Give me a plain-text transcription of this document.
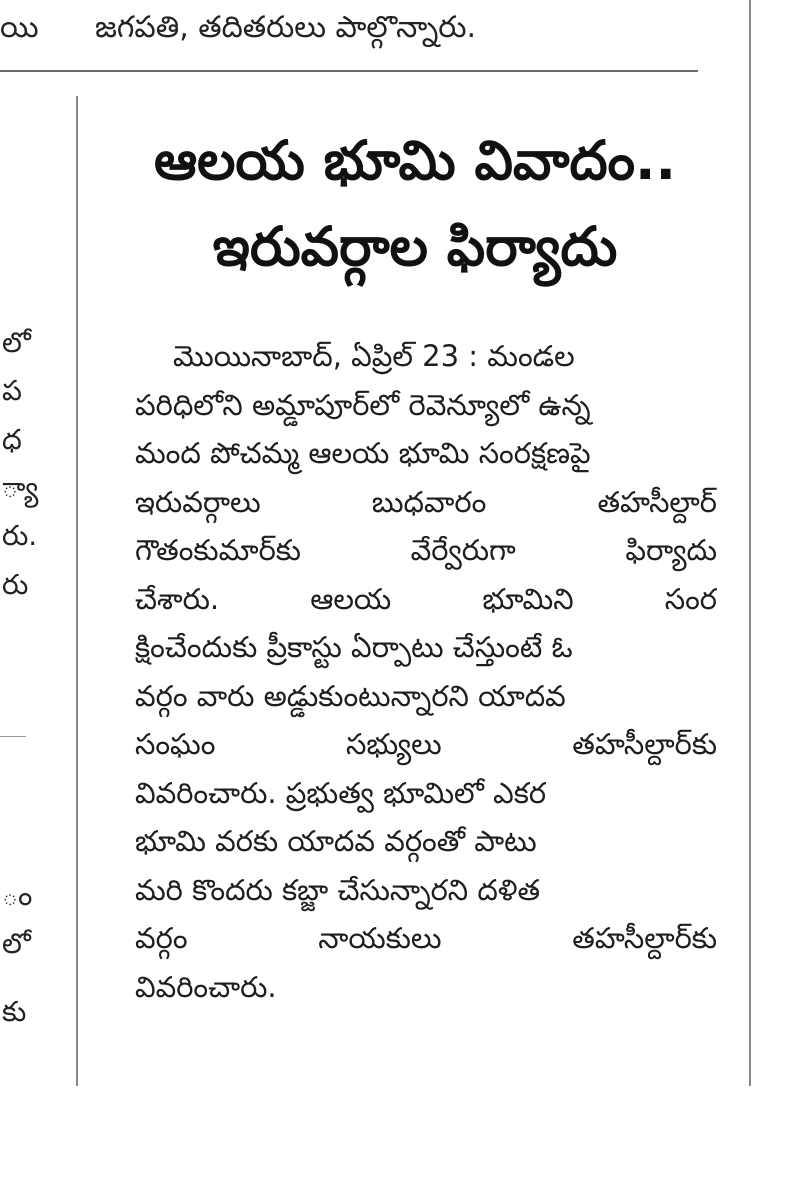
యి జగపతి, తదితరులు పాల్గొన్నారు.
లో
ప
ధ
్యా
రు.
రు
ం
లో
కు
ఆలయ భూమి వివాదం..
ఇరువర్గాల ఫిర్యాదు
మొయినాబాద్, ఏప్రిల్ 23 : మండల
పరిధిలోని అమ్డాపూర్‌లో రెవెన్యూలో ఉన్న
మంద పోచమ్మ ఆలయ భూమి సంరక్షణపై
ఇరువర్గాలు	బుధవారం	తహసీల్దార్
గౌతంకుమార్‌కు	వేర్వేరుగా	ఫిర్యాదు
చేశారు.	ఆలయ	భూమిని	సంర
క్షించేందుకు ప్రీకాస్టు ఏర్పాటు చేస్తుంటే ఓ
వర్గం వారు అడ్డుకుంటున్నారని యాదవ
సంఘం	సభ్యులు	తహసీల్దార్‌కు
వివరించారు. ప్రభుత్వ భూమిలో ఎకర
భూమి వరకు యాదవ వర్గంతో పాటు
మరి కొందరు కబ్జా చేసున్నారని దళిత
వర్గం	నాయకులు	తహసీల్దార్‌కు
వివరించారు.
